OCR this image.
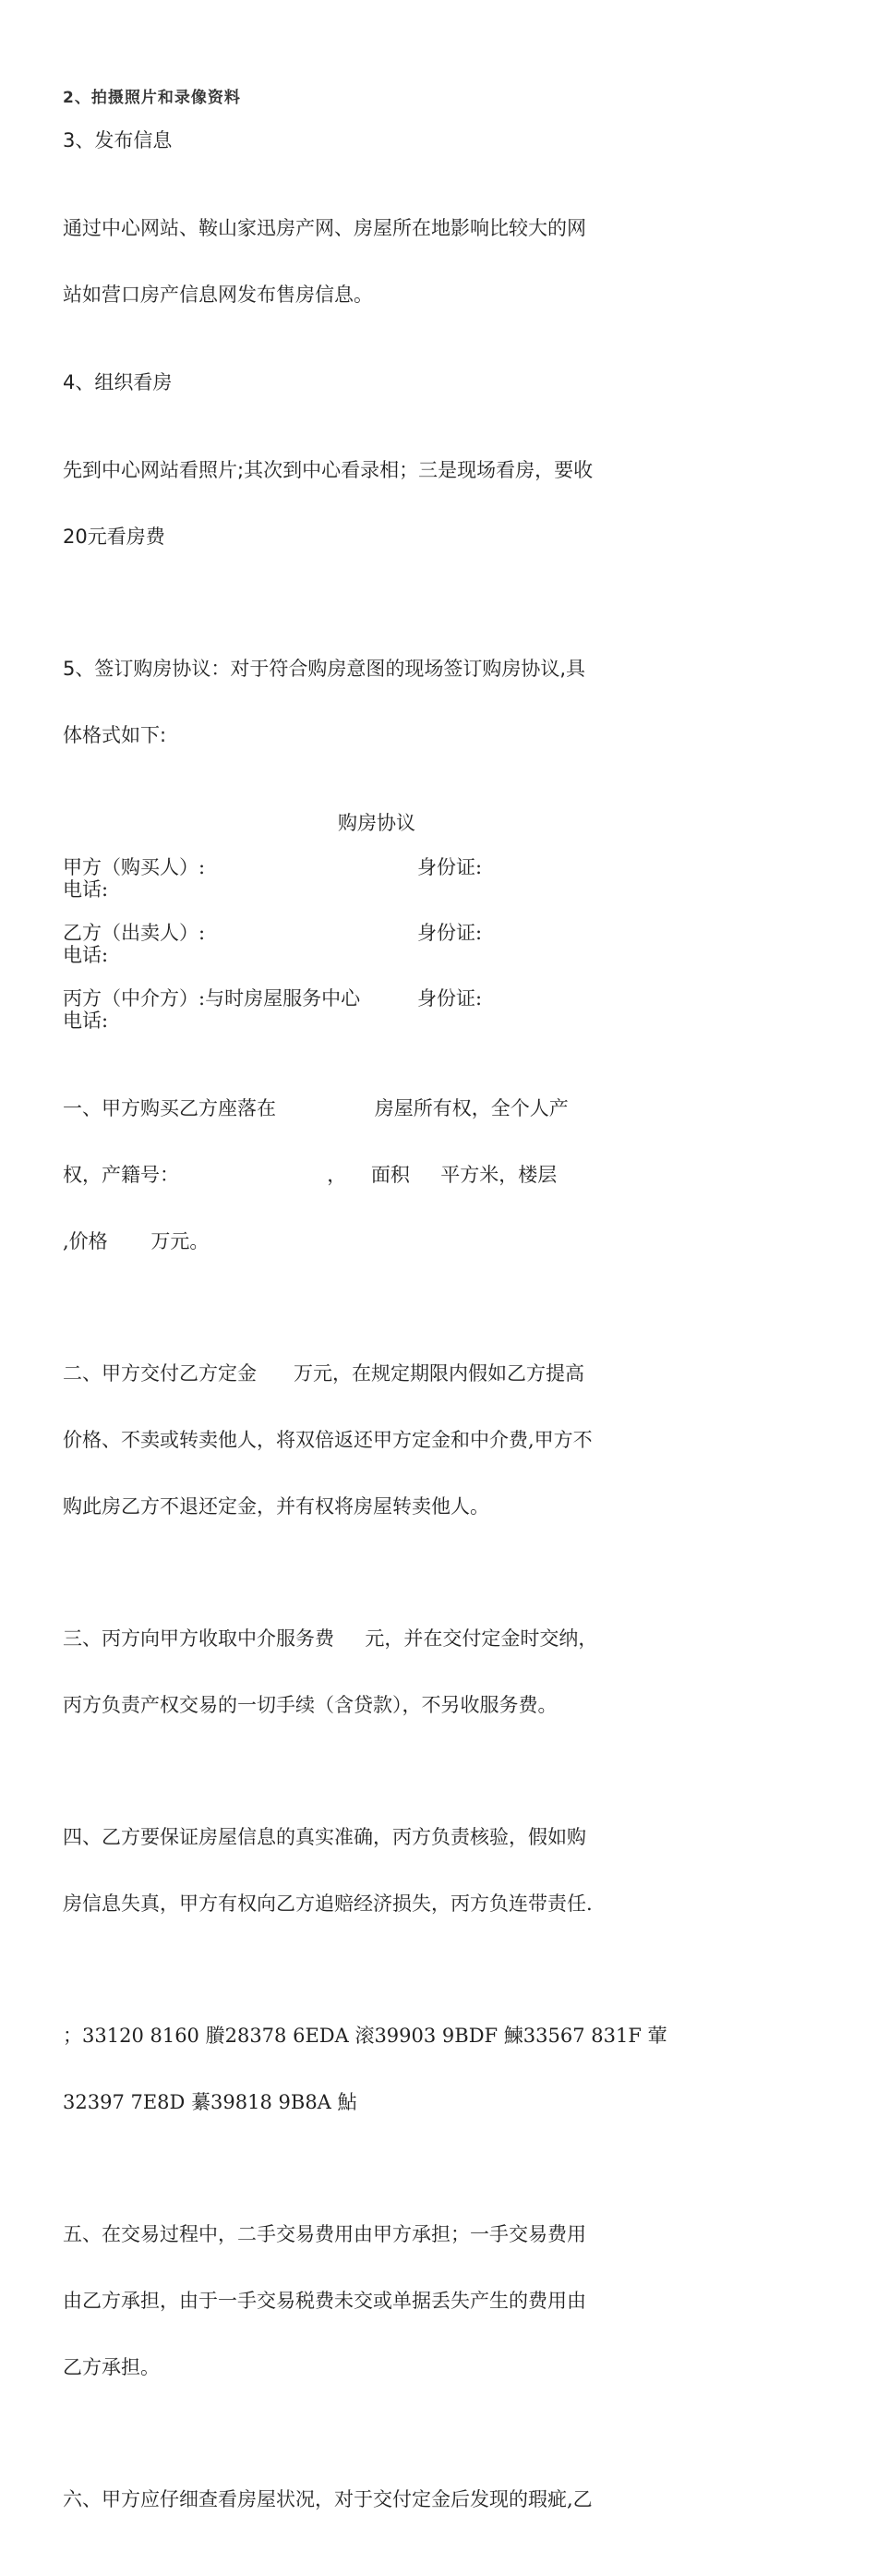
2、拍摄照片和录像资料
3、发布信息

通过中心网站、鞍山家迅房产网、房屋所在地影响比较大的网

站如营口房产信息网发布售房信息。

4、组织看房

先到中心网站看照片;其次到中心看录相；三是现场看房，要收

20元看房费

5、签订购房协议：对于符合购房意图的现场签订购房协议,具

体格式如下:

购房协议
甲方（购买人）:	身份证:
电话:
乙方（出卖人）:	身份证:
电话:
丙方（中介方）:与时房屋服务中心	身份证:
电话:

一、甲方购买乙方座落在                房屋所有权，全个人产

权，产籍号：                        ，    面积     平方米，楼层

,价格       万元。

二、甲方交付乙方定金      万元，在规定期限内假如乙方提高

价格、不卖或转卖他人，将双倍返还甲方定金和中介费,甲方不

购此房乙方不退还定金，并有权将房屋转卖他人。

三、丙方向甲方收取中介服务费     元，并在交付定金时交纳，

丙方负责产权交易的一切手续（含贷款），不另收服务费。

四、乙方要保证房屋信息的真实准确，丙方负责核验，假如购

房信息失真，甲方有权向乙方追赔经济损失，丙方负连带责任.

；33120 8160 賸28378 6EDA 滚39903 9BDF 鰊33567 831F 葷

32397 7E8D 繤39818 9B8A 鮎

五、在交易过程中，二手交易费用由甲方承担；一手交易费用

由乙方承担，由于一手交易税费未交或单据丢失产生的费用由

乙方承担。

六、甲方应仔细查看房屋状况，对于交付定金后发现的瑕疵,乙
